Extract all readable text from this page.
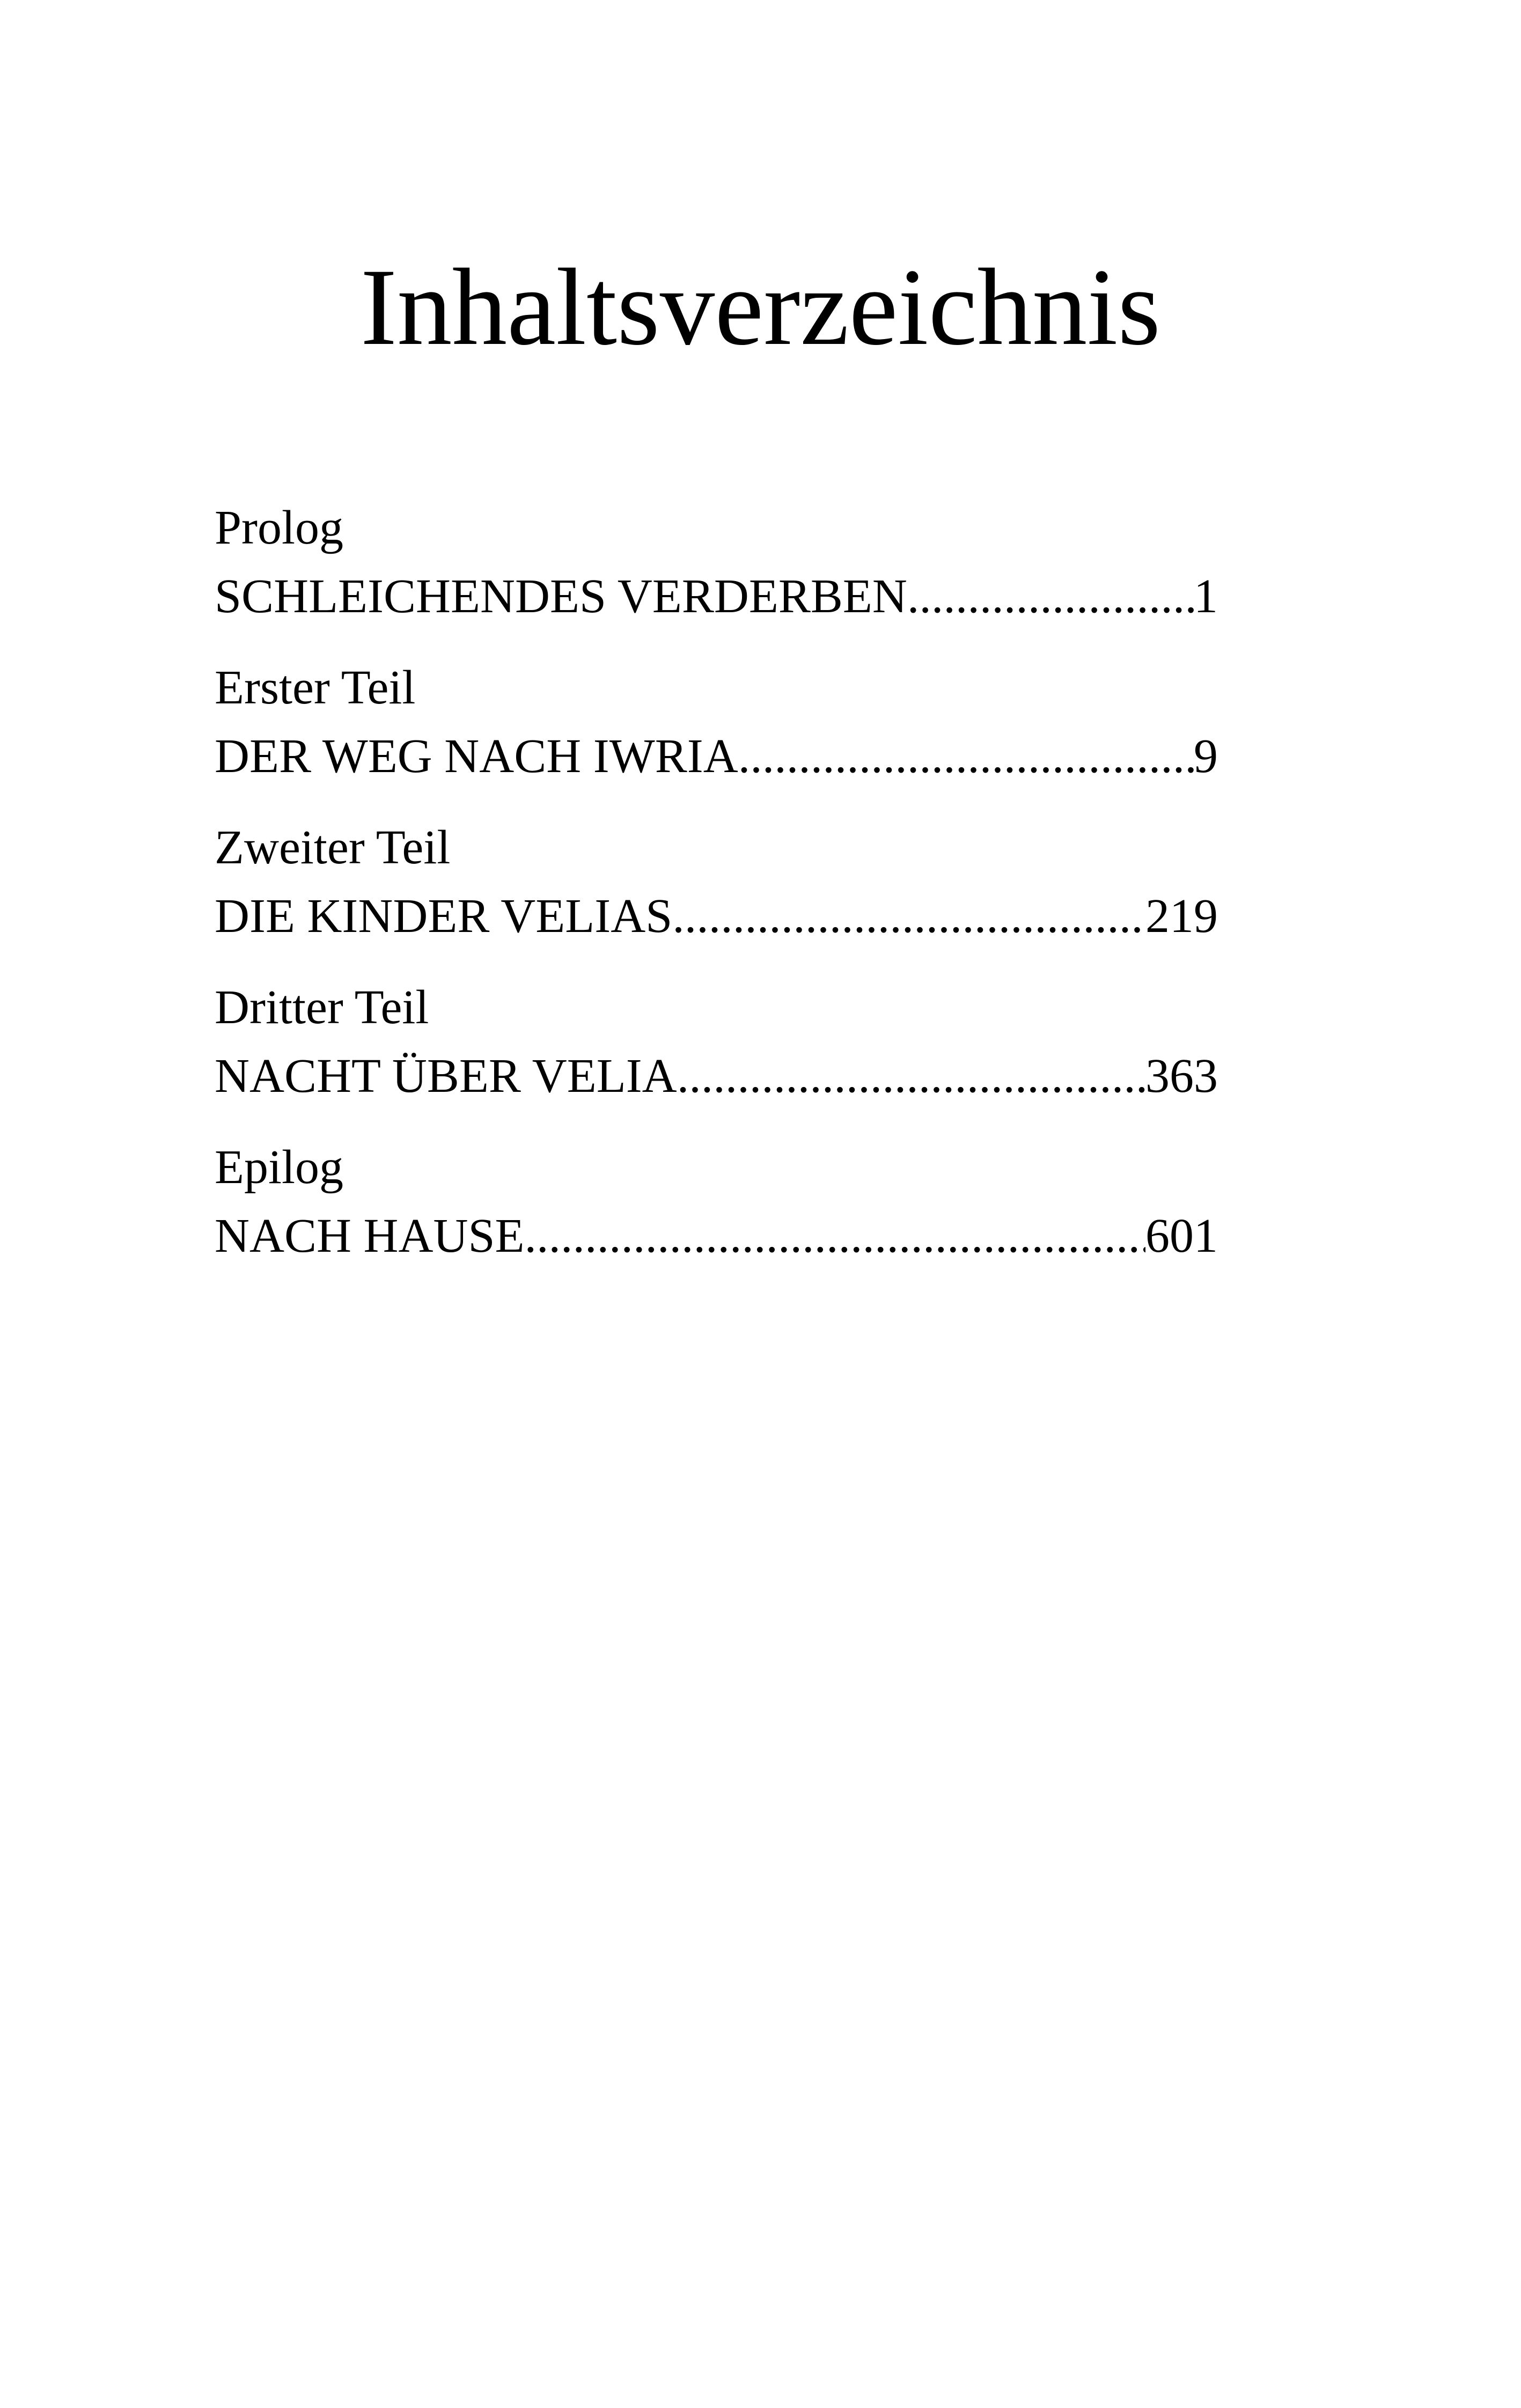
Inhaltsverzeichnis
Prolog
SCHLEICHENDES VERDERBEN .....	1
Erster Teil
DER WEG NACH IWRIA .....	9
Zweiter Teil
DIE KINDER VELIAS .....	219
Dritter Teil
NACHT ÜBER VELIA .....	363
Epilog
NACH HAUSE .....	601
